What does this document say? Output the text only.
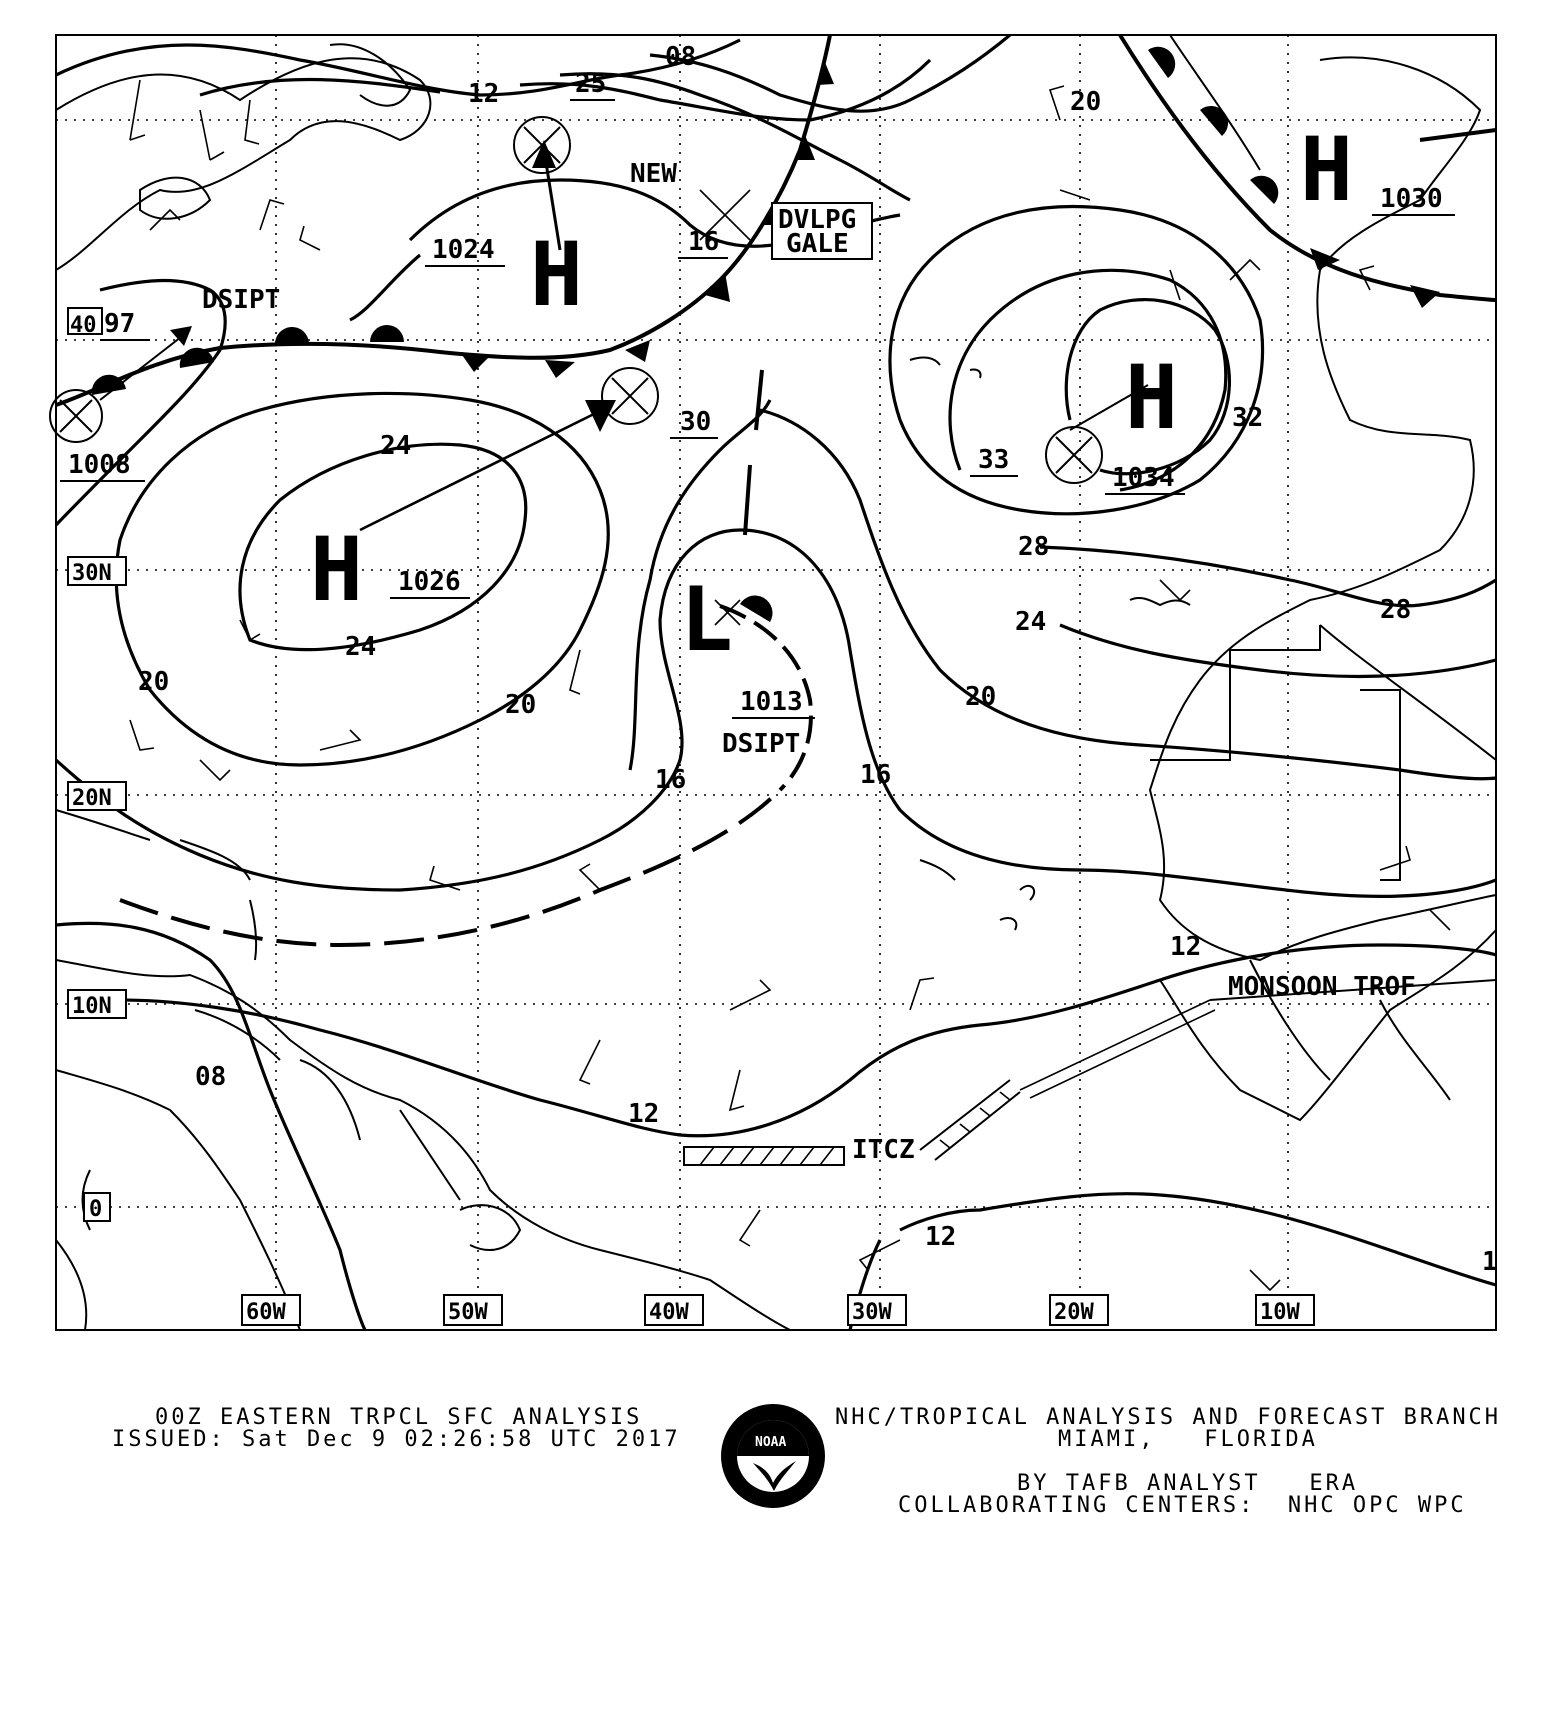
H
H
H
H
L
1024
1026
1034
1030
1013
1008
08
12	25
16
20
20
24
24
20
30
33
32
28
28
24
20
16	16
12
12
08
12
1
NEW
DVLPG
GALE
DSIPT
DSIPT
ITCZ
MONSOON TROF
40 97
30N
20N
10N
0
60W	50W	40W	30W	20W	10W
00Z EASTERN TRPCL SFC ANALYSIS
ISSUED: Sat Dec 9 02:26:58 UTC 2017	NOAA
NHC/TROPICAL ANALYSIS AND FORECAST BRANCH
MIAMI,   FLORIDA
BY TAFB ANALYST   ERA
COLLABORATING CENTERS:  NHC OPC WPC
